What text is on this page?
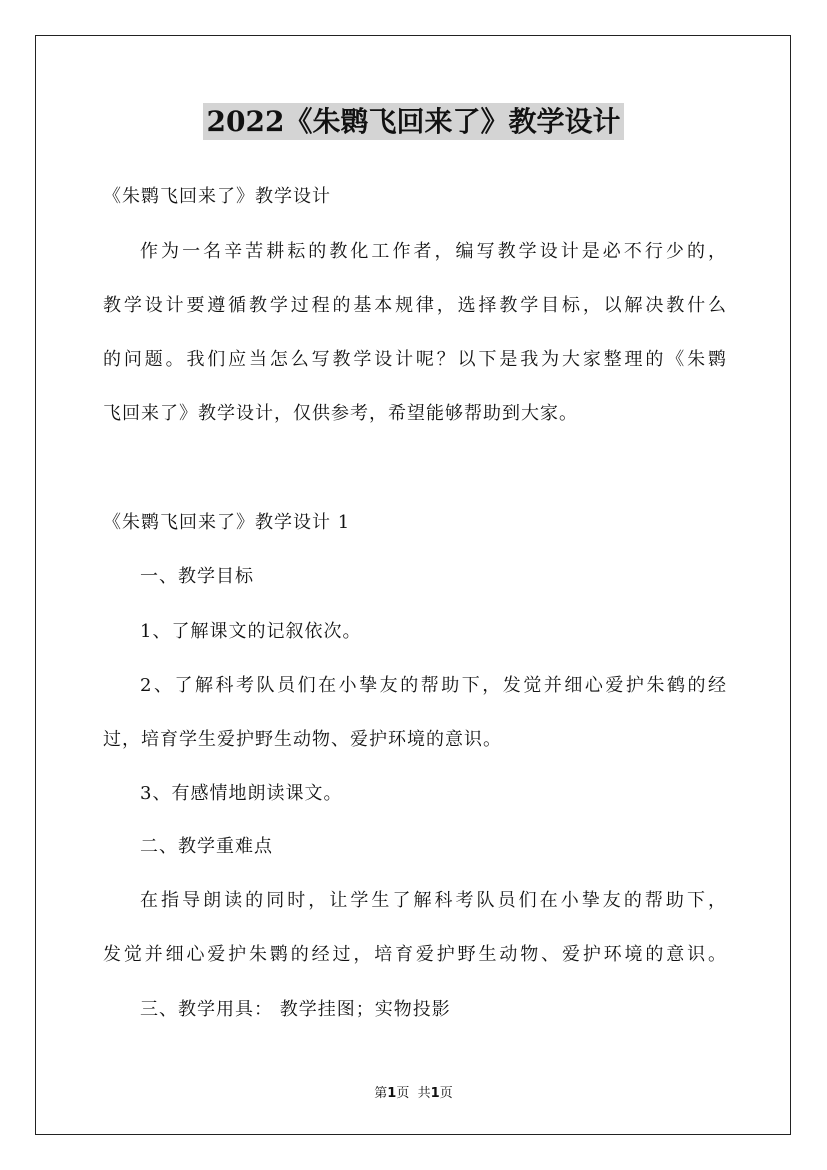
2022《朱鹮飞回来了》教学设计
《朱鹮飞回来了》教学设计
作为一名辛苦耕耘的教化工作者，编写教学设计是必不行少的，
教学设计要遵循教学过程的基本规律，选择教学目标，以解决教什么
的问题。我们应当怎么写教学设计呢？以下是我为大家整理的《朱鹮
飞回来了》教学设计，仅供参考，希望能够帮助到大家。
《朱鹮飞回来了》教学设计 1
一、教学目标
1、了解课文的记叙依次。
2、了解科考队员们在小挚友的帮助下，发觉并细心爱护朱鹤的经
过，培育学生爱护野生动物、爱护环境的意识。
3、有感情地朗读课文。
二、教学重难点
在指导朗读的同时，让学生了解科考队员们在小挚友的帮助下，
发觉并细心爱护朱鹮的经过，培育爱护野生动物、爱护环境的意识。
三、教学用具： 教学挂图；实物投影
第1页 共1页
